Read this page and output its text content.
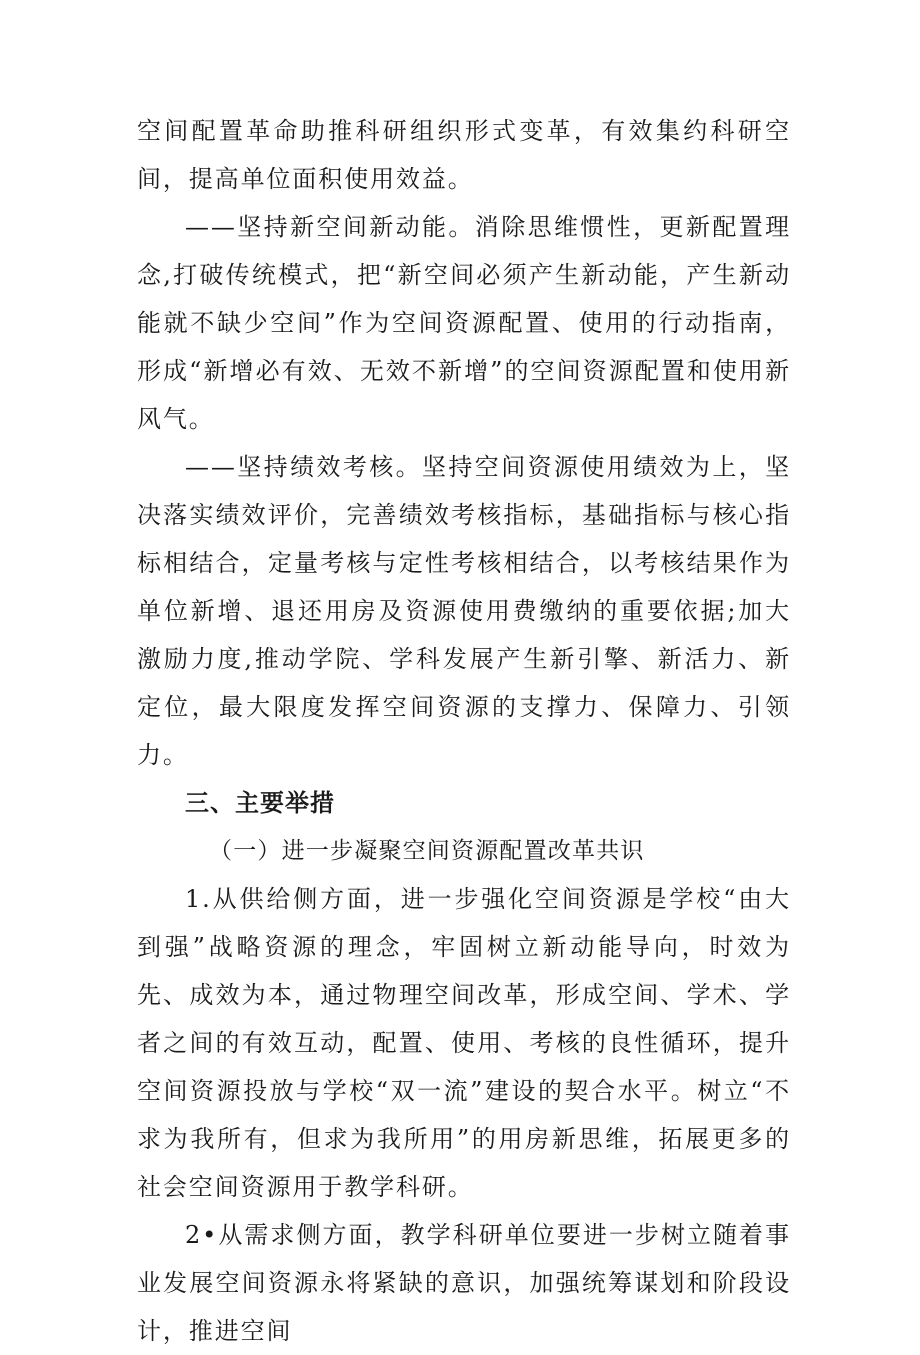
空间配置革命助推科研组织形式变革，有效集约科研空间，提高单位面积使用效益。

——坚持新空间新动能。消除思维惯性，更新配置理念,打破传统模式，把“新空间必须产生新动能，产生新动能就不缺少空间”作为空间资源配置、使用的行动指南，形成“新增必有效、无效不新增”的空间资源配置和使用新风气。

——坚持绩效考核。坚持空间资源使用绩效为上，坚决落实绩效评价，完善绩效考核指标，基础指标与核心指标相结合，定量考核与定性考核相结合，以考核结果作为单位新增、退还用房及资源使用费缴纳的重要依据;加大激励力度,推动学院、学科发展产生新引擎、新活力、新定位，最大限度发挥空间资源的支撑力、保障力、引领力。

三、主要举措

（一）进一步凝聚空间资源配置改革共识

1.从供给侧方面，进一步强化空间资源是学校“由大到强”战略资源的理念，牢固树立新动能导向，时效为先、成效为本，通过物理空间改革，形成空间、学术、学者之间的有效互动，配置、使用、考核的良性循环，提升空间资源投放与学校“双一流”建设的契合水平。树立“不求为我所有，但求为我所用”的用房新思维，拓展更多的社会空间资源用于教学科研。

2•从需求侧方面，教学科研单位要进一步树立随着事业发展空间资源永将紧缺的意识，加强统筹谋划和阶段设计，推进空间
